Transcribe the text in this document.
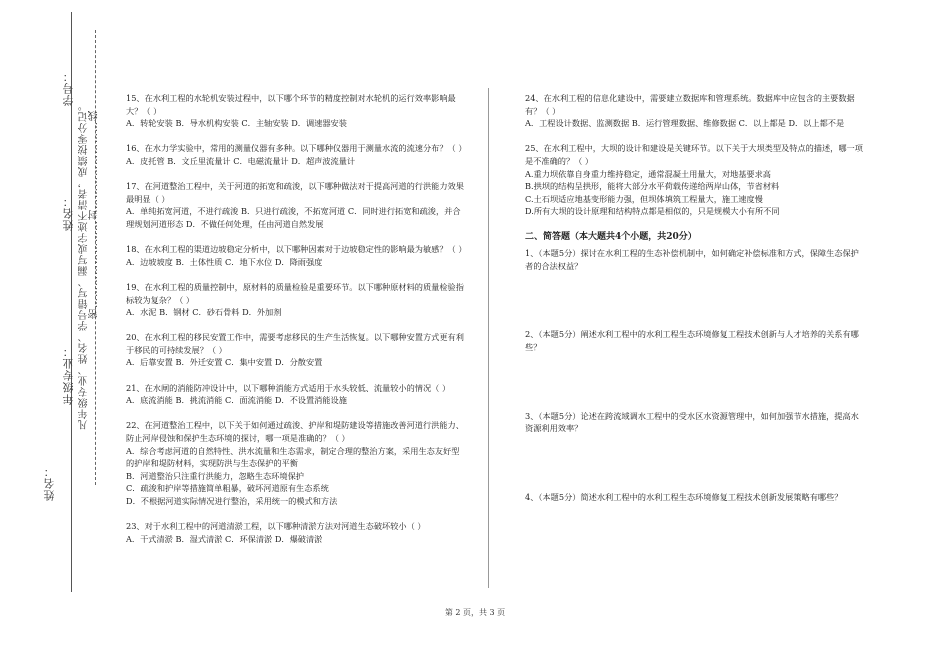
学号：
姓名：
年级专业：
姓名：
凡年级专业、姓名、学号错写、漏写或字迹不清者，成绩按零分记。 密……………………封……………………线

15、在水利工程的水轮机安装过程中，以下哪个环节的精度控制对水轮机的运行效率影响最大？（ ）

A．转轮安装 B．导水机构安装 C．主轴安装 D．调速器安装

16、在水力学实验中，常用的测量仪器有多种。以下哪种仪器用于测量水流的流速分布？（ ）

A．皮托管 B．文丘里流量计 C．电磁流量计 D．超声波流量计

17、在河道整治工程中，关于河道的拓宽和疏浚，以下哪种做法对于提高河道的行洪能力效果最明显（ ）

A．单纯拓宽河道，不进行疏浚 B．只进行疏浚，不拓宽河道 C．同时进行拓宽和疏浚，并合理规划河道形态 D．不做任何处理，任由河道自然发展

18、在水利工程的渠道边坡稳定分析中，以下哪种因素对于边坡稳定性的影响最为敏感？（ ）

A．边坡坡度 B．土体性质 C．地下水位 D．降雨强度

19、在水利工程的质量控制中，原材料的质量检验是重要环节。以下哪种原材料的质量检验指标较为复杂？（ ）

A．水泥 B．钢材 C．砂石骨料 D．外加剂

20、在水利工程的移民安置工作中，需要考虑移民的生产生活恢复。以下哪种安置方式更有利于移民的可持续发展？（ ）

A．后靠安置 B．外迁安置 C．集中安置 D．分散安置

21、在水闸的消能防冲设计中，以下哪种消能方式适用于水头较低、流量较小的情况（ ）

A．底流消能 B．挑流消能 C．面流消能 D．不设置消能设施

22、在河道整治工程中，以下关于如何通过疏浚、护岸和堤防建设等措施改善河道行洪能力、防止河岸侵蚀和保护生态环境的探讨，哪一项是准确的？（ ）

A．综合考虑河道的自然特性、洪水流量和生态需求，制定合理的整治方案，采用生态友好型的护岸和堤防材料，实现防洪与生态保护的平衡

B．河道整治只注重行洪能力，忽略生态环境保护

C．疏浚和护岸等措施简单粗暴，破坏河道原有生态系统

D．不根据河道实际情况进行整治，采用统一的模式和方法

23、对于水利工程中的河道清淤工程，以下哪种清淤方法对河道生态破坏较小（ ）

A．干式清淤 B．湿式清淤 C．环保清淤 D．爆破清淤

24、在水利工程的信息化建设中，需要建立数据库和管理系统。数据库中应包含的主要数据有？（ ）

A．工程设计数据、监测数据 B．运行管理数据、维修数据 C．以上都是 D．以上都不是

25、在水利工程中，大坝的设计和建设是关键环节。以下关于大坝类型及特点的描述，哪一项是不准确的？（ ）

A.重力坝依靠自身重力维持稳定，通常混凝土用量大，对地基要求高

B.拱坝的结构呈拱形，能将大部分水平荷载传递给两岸山体，节省材料

C.土石坝适应地基变形能力强，但坝体填筑工程量大，施工速度慢

D.所有大坝的设计原理和结构特点都是相似的，只是规模大小有所不同

二、简答题（本大题共4个小题，共20分）

1、（本题5分）探讨在水利工程的生态补偿机制中，如何确定补偿标准和方式，保障生态保护者的合法权益？

2、（本题5分）阐述水利工程中的水利工程生态环境修复工程技术创新与人才培养的关系有哪些？

3、（本题5分）论述在跨流域调水工程中的受水区水资源管理中，如何加强节水措施，提高水资源利用效率？

4、（本题5分）简述水利工程中的水利工程生态环境修复工程技术创新发展策略有哪些？

第 2 页，共 3 页
